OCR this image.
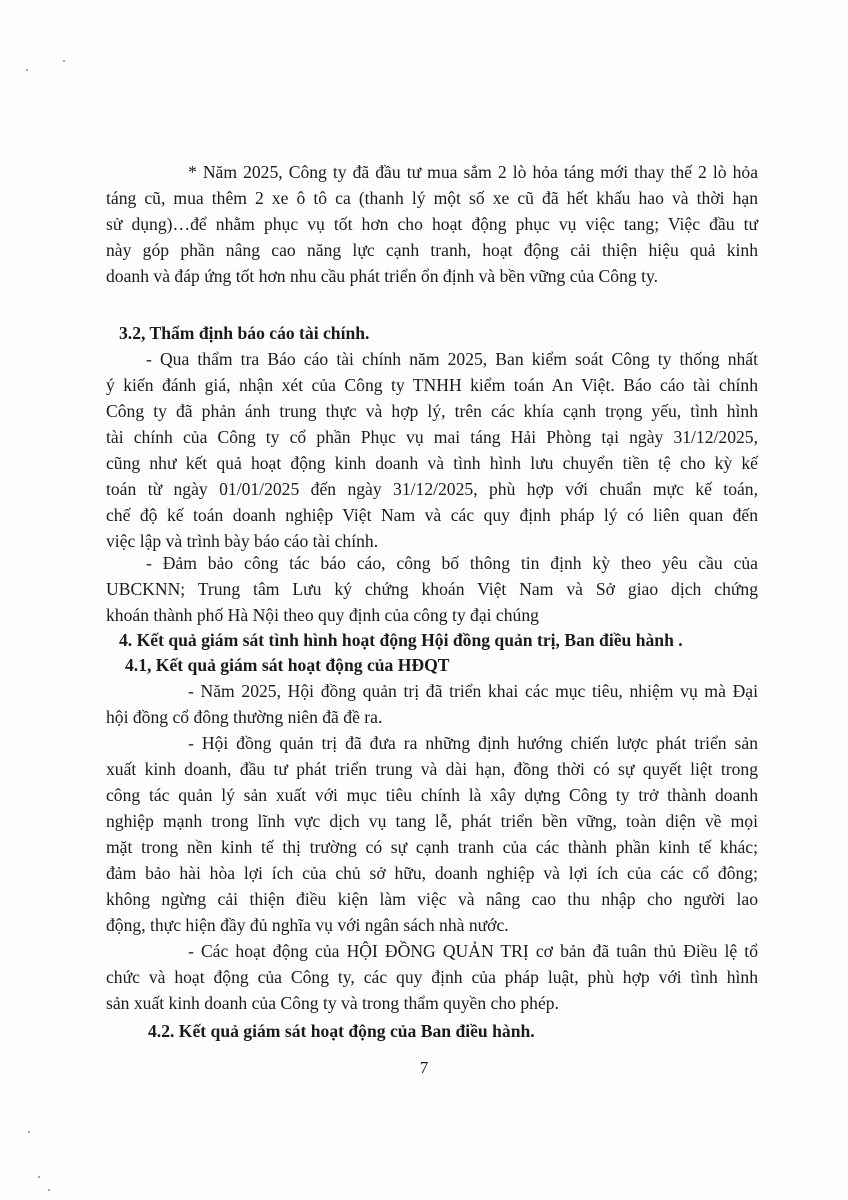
* Năm 2025, Công ty đã đầu tư mua sắm 2 lò hỏa táng mới thay thế 2 lò hỏa
táng cũ, mua thêm 2 xe ô tô ca (thanh lý một số xe cũ đã hết khấu hao và thời hạn
sử dụng)…để nhằm phục vụ tốt hơn cho hoạt động phục vụ việc tang; Việc đầu tư
này góp phần nâng cao năng lực cạnh tranh, hoạt động cải thiện hiệu quả kinh
doanh và đáp ứng tốt hơn nhu cầu phát triển ổn định và bền vững của Công ty.
3.2, Thẩm định báo cáo tài chính.
- Qua thẩm tra Báo cáo tài chính năm 2025, Ban kiểm soát Công ty thống nhất
ý kiến đánh giá, nhận xét của Công ty TNHH kiểm toán An Việt. Báo cáo tài chính
Công ty đã phản ánh trung thực và hợp lý, trên các khía cạnh trọng yếu, tình hình
tài chính của Công ty cổ phần Phục vụ mai táng Hải Phòng tại ngày 31/12/2025,
cũng như kết quả hoạt động kinh doanh và tình hình lưu chuyển tiền tệ cho kỳ kế
toán từ ngày 01/01/2025 đến ngày 31/12/2025, phù hợp với chuẩn mực kế toán,
chế độ kế toán doanh nghiệp Việt Nam và các quy định pháp lý có liên quan đến
việc lập và trình bày báo cáo tài chính.
- Đảm bảo công tác báo cáo, công bố thông tin định kỳ theo yêu cầu của
UBCKNN; Trung tâm Lưu ký chứng khoán Việt Nam và Sở giao dịch chứng
khoán thành phố Hà Nội theo quy định của công ty đại chúng
4. Kết quả giám sát tình hình hoạt động Hội đồng quản trị, Ban điều hành .
4.1, Kết quả giám sát hoạt động của HĐQT
- Năm 2025, Hội đồng quản trị đã triển khai các mục tiêu, nhiệm vụ mà Đại
hội đồng cổ đông thường niên đã đề ra.
- Hội đồng quản trị đã đưa ra những định hướng chiến lược phát triển sản
xuất kinh doanh, đầu tư phát triển trung và dài hạn, đồng thời có sự quyết liệt trong
công tác quản lý sản xuất với mục tiêu chính là xây dựng Công ty trở thành doanh
nghiệp mạnh trong lĩnh vực dịch vụ tang lễ, phát triển bền vững, toàn diện về mọi
mặt trong nền kinh tế thị trường có sự cạnh tranh của các thành phần kinh tế khác;
đảm bảo hài hòa lợi ích của chủ sở hữu, doanh nghiệp và lợi ích của các cổ đông;
không ngừng cải thiện điều kiện làm việc và nâng cao thu nhập cho người lao
động, thực hiện đầy đủ nghĩa vụ với ngân sách nhà nước.
- Các hoạt động của HỘI ĐỒNG QUẢN TRỊ cơ bản đã tuân thủ Điều lệ tổ
chức và hoạt động của Công ty, các quy định của pháp luật, phù hợp với tình hình
sản xuất kinh doanh của Công ty và trong thẩm quyền cho phép.
4.2. Kết quả giám sát hoạt động của Ban điều hành.
7
